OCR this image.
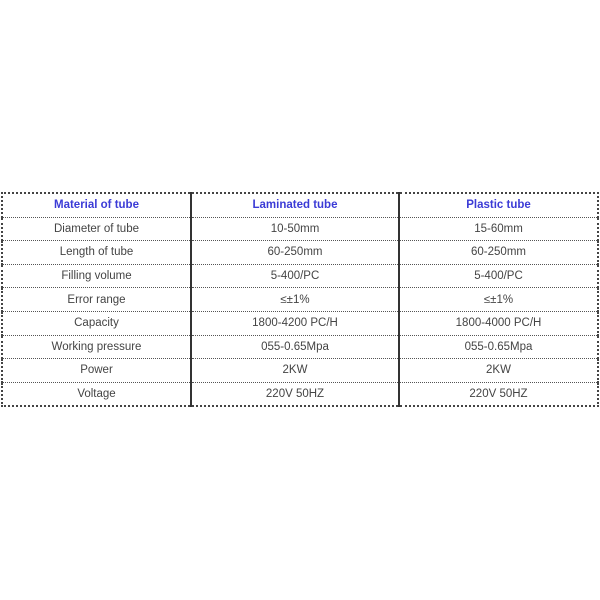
Material of tube	Laminated tube	Plastic tube
Diameter of tube	10-50mm	15-60mm
Length of tube	60-250mm	60-250mm
Filling volume	5-400/PC	5-400/PC
Error range	≤±1%	≤±1%
Capacity	1800-4200 PC/H	1800-4000 PC/H
Working pressure	055-0.65Mpa	055-0.65Mpa
Power	2KW	2KW
Voltage	220V 50HZ	220V 50HZ
